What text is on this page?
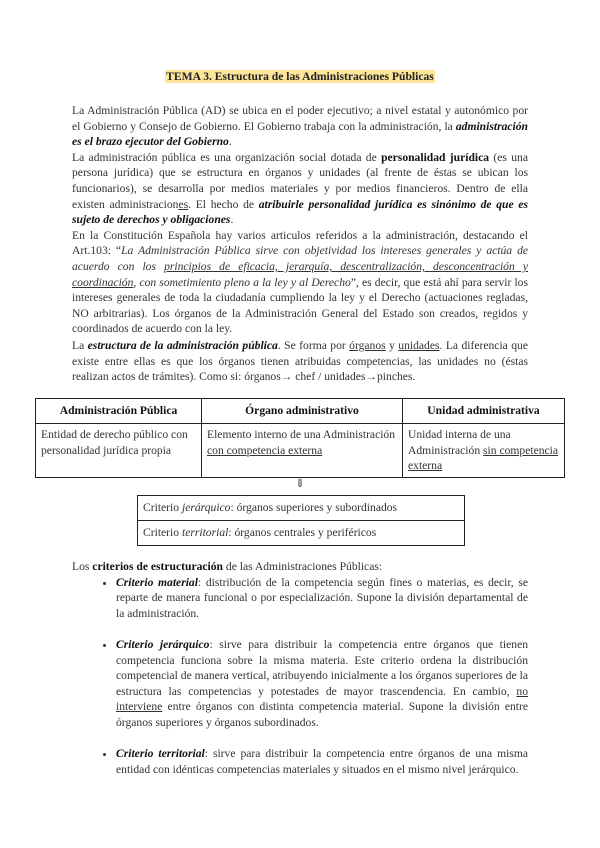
TEMA 3. Estructura de las Administraciones Públicas
La Administración Pública (AD) se ubica en el poder ejecutivo; a nivel estatal y autonómico por el Gobierno y Consejo de Gobierno. El Gobierno trabaja con la administración, la administración es el brazo ejecutor del Gobierno.
La administración pública es una organización social dotada de personalidad jurídica (es una persona jurídica) que se estructura en órganos y unidades (al frente de éstas se ubican los funcionarios), se desarrolla por medios materiales y por medios financieros. Dentro de ella existen administraciones. El hecho de atribuirle personalidad jurídica es sinónimo de que es sujeto de derechos y obligaciones.
En la Constitución Española hay varios articulos referidos a la administración, destacando el Art.103: “La Administración Pública sirve con objetividad los intereses generales y actúa de acuerdo con los principios de eficacia, jerarquía, descentralización, desconcentración y coordinación, con sometimiento pleno a la ley y al Derecho”, es decir, que está ahí para servir los intereses generales de toda la ciudadanía cumpliendo la ley y el Derecho (actuaciones regladas, NO arbitrarias). Los órganos de la Administración General del Estado son creados, regidos y coordinados de acuerdo con la ley.
La estructura de la administración pública. Se forma por órganos y unidades. La diferencia que existe entre ellas es que los órganos tienen atribuidas competencias, las unidades no (éstas realizan actos de trámites). Como si: órganos→ chef / unidades→pinches.
Administración Pública	Órgano administrativo	Unidad administrativa
Entidad de derecho público con personalidad jurídica propia	Elemento interno de una Administración con competencia externa	Unidad interna de una Administración sin competencia externa
⇓
Criterio jerárquico: órganos superiores y subordinados
Criterio territorial: órganos centrales y periféricos
Los criterios de estructuración de las Administraciones Públicas:
• Criterio material: distribución de la competencia según fines o materias, es decir, se reparte de manera funcional o por especialización. Supone la división departamental de la administración.
• Criterio jerárquico: sirve para distribuir la competencia entre órganos que tienen competencia funciona sobre la misma materia. Este criterio ordena la distribución competencial de manera vertical, atribuyendo inicialmente a los órganos superiores de la estructura las competencias y potestades de mayor trascendencia. En cambio, no interviene entre órganos con distinta competencia material. Supone la división entre órganos superiores y órganos subordinados.
• Criterio territorial: sirve para distribuir la competencia entre órganos de una misma entidad con idénticas competencias materiales y situados en el mismo nivel jerárquico.
